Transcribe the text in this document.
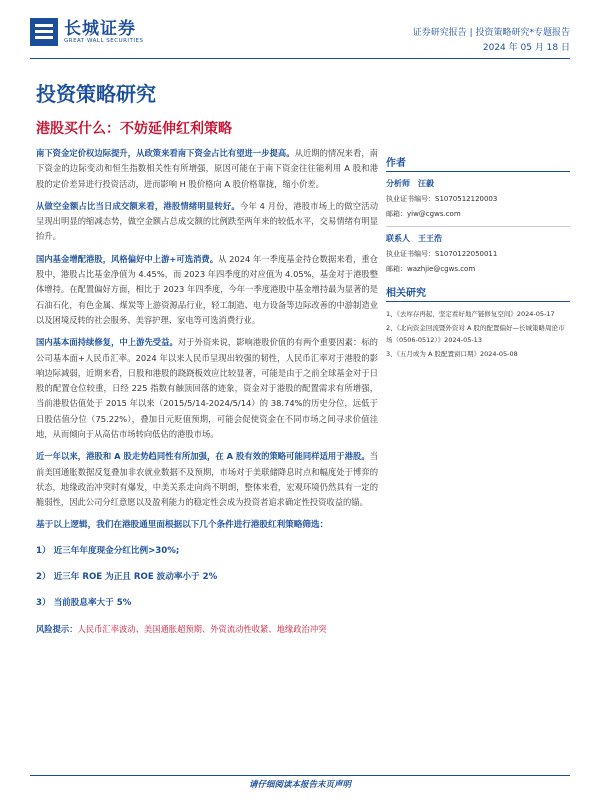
长城证券
GREAT WALL SECURITIES
证券研究报告 | 投资策略研究*专题报告
2024 年 05 月 18 日
投资策略研究
港股买什么：不妨延伸红利策略
南下资金定价权边际提升，从政策来看南下资金占比有望进一步提高。从近期的情况来看，南下资金的边际变动和恒生指数相关性有所增强，原因可能在于南下资金往往能利用 A 股和港股的定价差异进行投资活动，进而影响 H 股价格向 A 股价格靠拢，缩小价差。
从做空金额占比当日成交额来看，港股情绪明显转好。今年 4 月份，港股市场上的做空活动呈现出明显的缩减态势，做空金额占总成交额的比例跌至两年来的较低水平，交易情绪有明显抬升。
国内基金增配港股，风格偏好中上游+可选消费。从 2024 年一季度基金持仓数据来看，重仓股中，港股占比基金净值为 4.45%，而 2023 年四季度的对应值为 4.05%，基金对于港股整体增持。在配置偏好方面，相比于 2023 年四季度，今年一季度港股中基金增持最为显著的是石油石化，有色金属、煤炭等上游资源品行业，轻工制造、电力设备等边际改善的中游制造业以及困境反转的社会服务、美容护理、家电等可选消费行业。
国内基本面持续修复，中上游先受益。对于外资来说，影响港股价值的有两个重要因素：标的公司基本面+人民币汇率。2024 年以来人民币呈现出较强的韧性，人民币汇率对于港股的影响边际减弱，近期来看，日股和港股的跷跷板效应比较显著，可能是由于之前全球基金对于日股的配置仓位较重，日经 225 指数有触顶回落的迹象，资金对于港股的配置需求有所增强，当前港股估值处于 2015 年以来（2015/5/14-2024/5/14）的 38.74%的历史分位，远低于日股估值分位（75.22%），叠加日元贬值预期，可能会促使资金在不同市场之间寻求价值洼地，从而倾向于从高估市场转向低估的港股市场。
近一年以来，港股和 A 股走势趋同性有所加强，在 A 股有效的策略可能同样适用于港股。当前美国通胀数据反复叠加非农就业数据不及预期，市场对于美联储降息时点和幅度处于博弈的状态，地缘政治冲突时有爆发，中美关系走向尚不明朗，整体来看，宏观环境仍然具有一定的脆弱性，因此公司分红意愿以及盈利能力的稳定性会成为投资者追求确定性投资收益的锚。
基于以上逻辑，我们在港股通里面根据以下几个条件进行港股红利策略筛选：
1） 近三年年度现金分红比例>30%;
2） 近三年 ROE 为正且 ROE 波动率小于 2%
3） 当前股息率大于 5%
风险提示：人民币汇率波动、美国通胀超预期、外资流动性收紧、地缘政治冲突
作者
分析师　汪毅
执业证书编号：S1070512120003
邮箱：yiw@cgws.com
联系人　王王浩
执业证书编号：S1070122050011
邮箱：wazhjie@cgws.com
相关研究
1、《去库存再起，坚定看好地产链修复空间》2024-05-17
2、《北向资金回流暨外资对 A 股的配置偏好—长城策略周论市场（0506-0512）》2024-05-13
3、《五月或为 A 股配置窗口期》2024-05-08
请仔细阅读本报告末页声明
